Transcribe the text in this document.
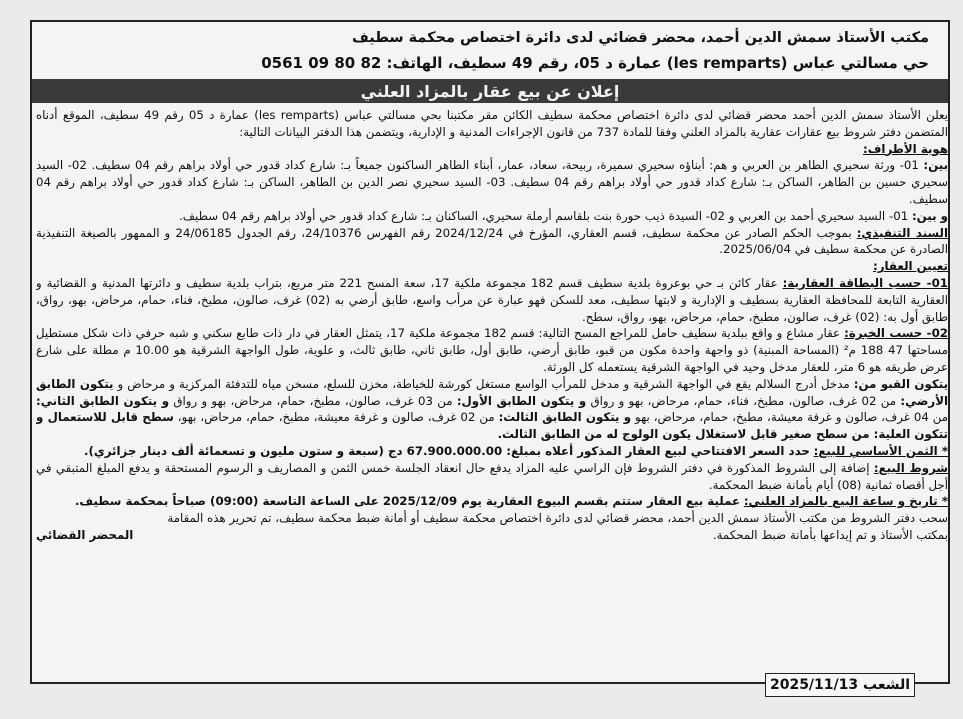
مكتب الأستاذ سمش الدين أحمد، محضر قضائي لدى دائرة اختصاص محكمة سطيف
حي مسالتي عباس (les remparts) عمارة د 05، رقم 49 سطيف، الهاتف: 82 80 09 0561
إعلان عن بيع عقار بالمزاد العلني

يعلن الأستاذ سمش الدين أحمد محضر قضائي لدى دائرة اختصاص محكمة سطيف الكائن مقر مكتبنا بحي مسالتي عباس (les remparts) عمارة د 05 رقم 49 سطيف، الموقع أدناه المتضمن دفتر شروط بيع عقارات عقارية بالمزاد العلني وفقا للمادة 737 من قانون الإجراءات المدنية و الإدارية، ويتضمن هذا الدفتر البيانات التالية:

هوية الأطراف:

بين: 01- ورثة سحيري الطاهر بن العربي و هم: أبناؤه سحيري سميرة، ربيحة، سعاد، عمار، أبناء الطاهر الساكنون جميعاً بـ: شارع كداد قدور حي أولاد براهم رقم 04 سطيف. 02- السيد سحيري حسين بن الطاهر، الساكن بـ: شارع كداد قدور حي أولاد براهم رقم 04 سطيف. 03- السيد سحيري نصر الدين بن الطاهر، الساكن بـ: شارع كداد قدور حي أولاد براهم رقم 04 سطيف.

و بين: 01- السيد سحيري أحمد بن العربي و 02- السيدة ذيب حورة بنت بلقاسم أرملة سحيري، الساكنان بـ: شارع كداد قدور حي أولاد براهم رقم 04 سطيف.

السند التنفيذي: بموجب الحكم الصادر عن محكمة سطيف، قسم العقاري، المؤرخ في 2024/12/24 رقم الفهرس 24/10376، رقم الجدول 24/06185 و الممهور بالصيغة التنفيذية الصادرة عن محكمة سطيف في 2025/06/04.

تعيين العقار:

01- حسب البطاقة العقارية: عقار كائن بـ حي بوعروة بلدية سطيف قسم 182 مجموعة ملكية 17، سعة المسح 221 متر مربع، بتراب بلدية سطيف و دائرتها المدنية و القضائية و العقارية التابعة للمحافظة العقارية بسطيف و الإدارية و لابتها سطيف، معد للسكن فهو عبارة عن مرأب واسع، طابق أرضي به (02) غرف، صالون، مطبخ، فناء، حمام، مرحاض، بهو، رواق، طابق أول به: (02) غرف، صالون، مطبخ، حمام، مرحاض، بهو، رواق، سطح.

02- حسب الخبرة: عقار مشاع و واقع ببلدية سطيف حامل للمراجع المسح التالية: قسم 182 مجموعة ملكية 17، يتمثل العقار في دار ذات طابع سكني و شبه حرفي ذات شكل مستطيل مساحتها 47 188 م² (المساحة المبنية) ذو واجهة واحدة مكون من قبو، طابق أرضي، طابق أول، طابق ثاني، طابق ثالث، و علوية، طول الواجهة الشرقية هو 10.00 م مطلة على شارع عرض طريقه هو 6 متر، للعقار مدخل وحيد في الواجهة الشرقية يستعمله كل الورثة.

يتكون القبو من: مدخل أدرج السلالم يقع في الواجهة الشرقية و مدخل للمرأب الواسع مستغل كورشة للخياطة، مخزن للسلع، مسخن مياه للتدفئة المركزية و مرحاض و يتكون الطابق الأرضي: من 02 غرف، صالون، مطبخ، فناء، حمام، مرحاض، بهو و رواق و يتكون الطابق الأول: من 03 غرف، صالون، مطبخ، حمام، مرحاض، بهو و رواق و يتكون الطابق الثاني: من 04 غرف، صالون و غرفة معيشة، مطبخ، حمام، مرحاض، بهو و يتكون الطابق الثالث: من 02 غرف، صالون و غرفة معيشة، مطبخ، حمام، مرحاض، بهو، سطح قابل للاستعمال و تتكون العلية: من سطح صغير قابل لاستغلال يكون الولوج له من الطابق الثالث.

* الثمن الأساسي للبيع: حدد السعر الافتتاحي لبيع العقار المذكور أعلاه بمبلغ: 67.900.000.00 دج (سبعة و ستون مليون و تسعمائة ألف دينار جزائري).

شروط البيع: إضافة إلى الشروط المذكورة في دفتر الشروط فإن الراسي عليه المزاد يدفع حال انعقاد الجلسة خمس الثمن و المصاريف و الرسوم المستحقة و يدفع المبلغ المتبقي في أجل أقصاه ثمانية (08) أيام بأمانة ضبط المحكمة.

* تاريخ و ساعة البيع بالمزاد العلني: عملية بيع العقار ستتم بقسم البيوع العقارية يوم 2025/12/09 على الساعة التاسعة (09:00) صباحاً بمحكمة سطيف.

سحب دفتر الشروط من مكتب الأستاذ سمش الدين أحمد، محضر قضائي لدى دائرة اختصاص محكمة سطيف أو أمانة ضبط محكمة سطيف، تم تحرير هذه المقامة

بمكتب الأستاذ و تم إيداعها بأمانة ضبط المحكمة.
المحضر القضائي

الشعب 2025/11/13
